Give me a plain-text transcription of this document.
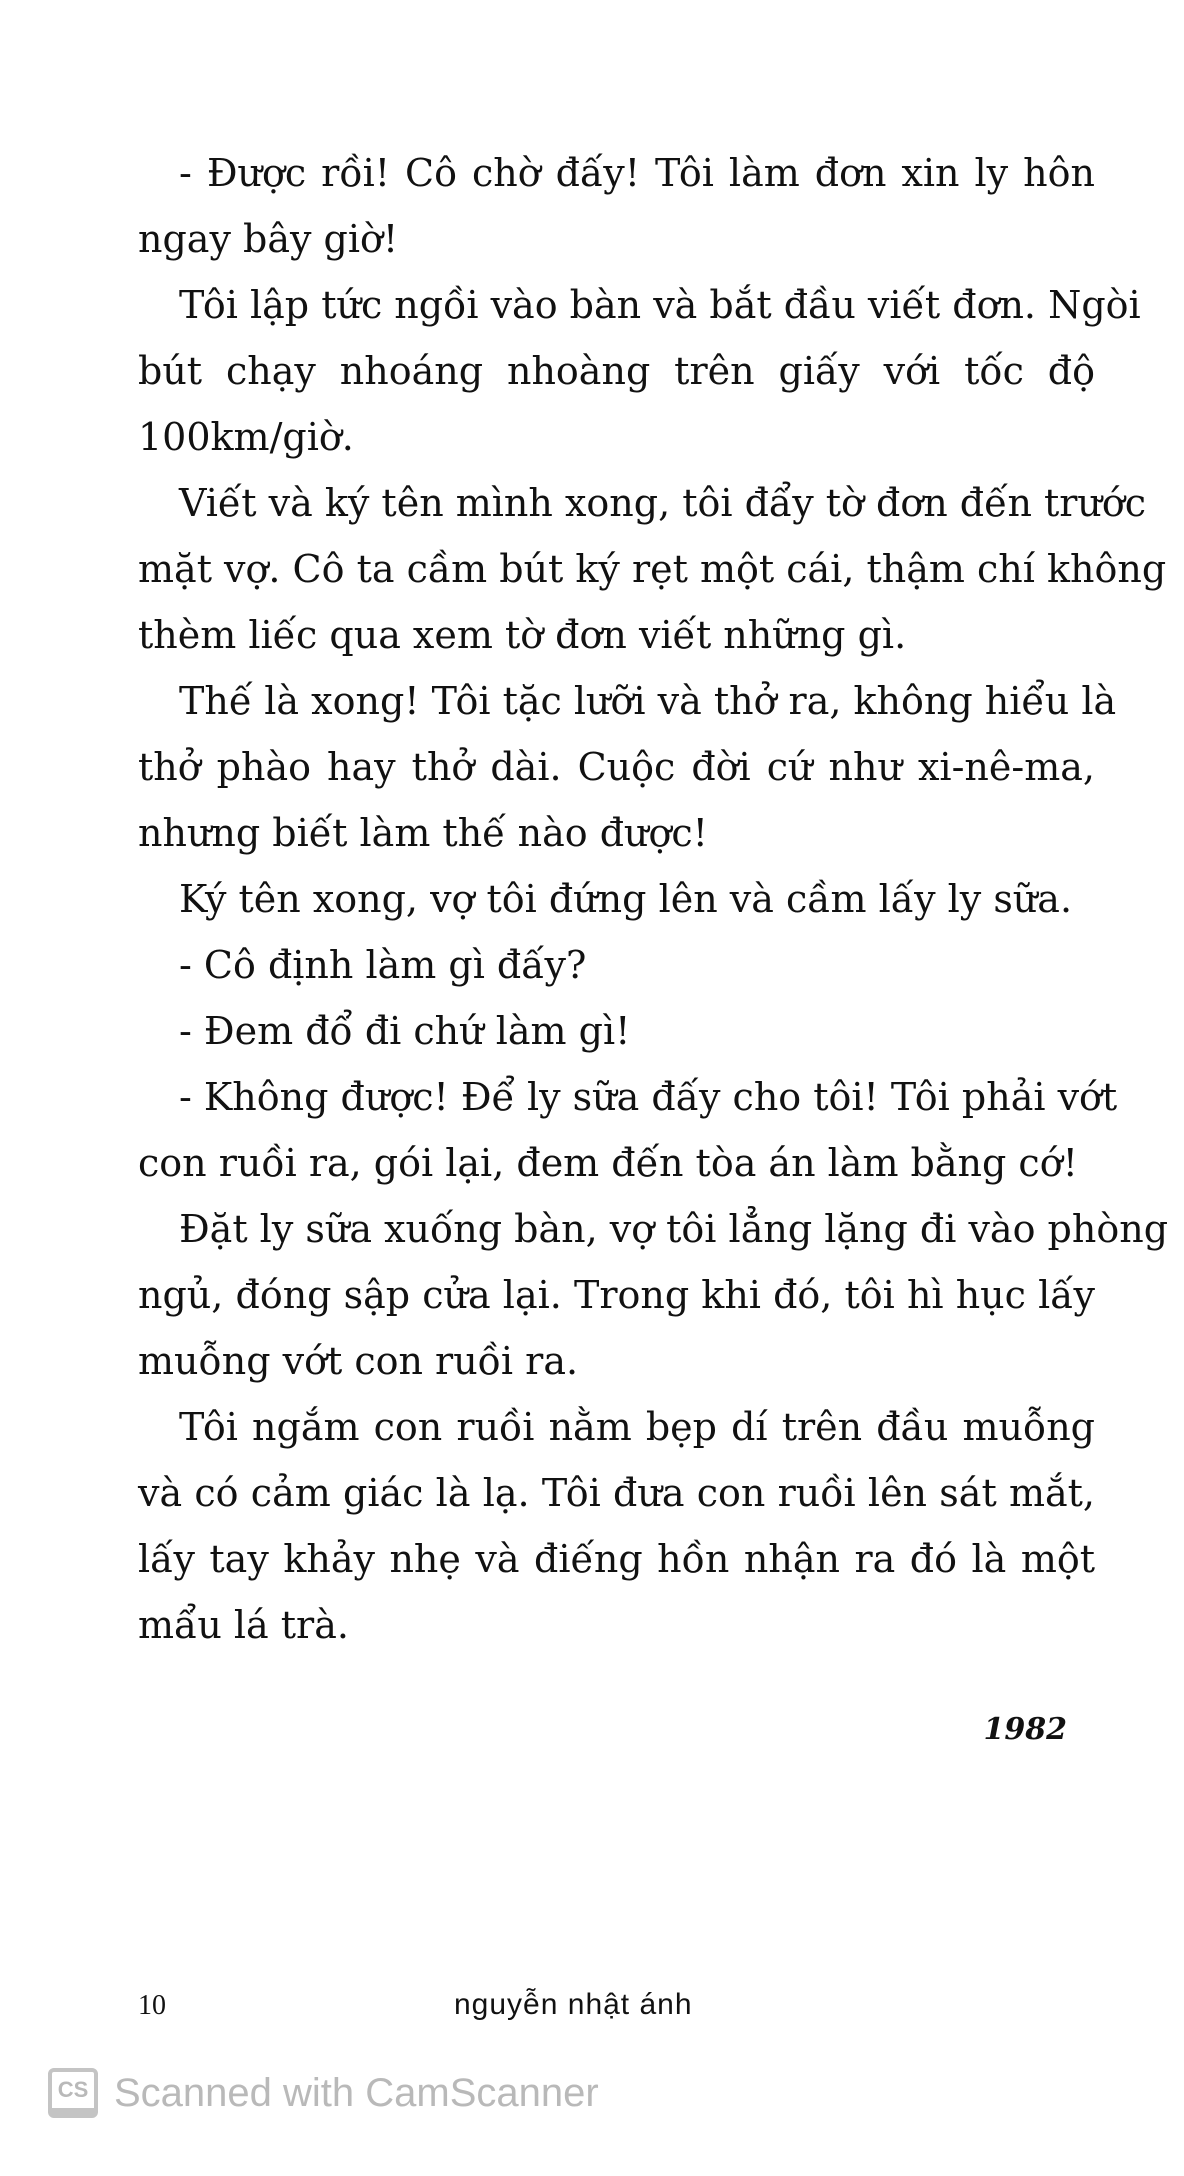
- Được rồi! Cô chờ đấy! Tôi làm đơn xin ly hôn
ngay bây giờ!
Tôi lập tức ngồi vào bàn và bắt đầu viết đơn. Ngòi
bút chạy nhoáng nhoàng trên giấy với tốc độ
100km/giờ.
Viết và ký tên mình xong, tôi đẩy tờ đơn đến trước
mặt vợ. Cô ta cầm bút ký rẹt một cái, thậm chí không
thèm liếc qua xem tờ đơn viết những gì.
Thế là xong! Tôi tặc lưỡi và thở ra, không hiểu là
thở phào hay thở dài. Cuộc đời cứ như xi-nê-ma,
nhưng biết làm thế nào được!
Ký tên xong, vợ tôi đứng lên và cầm lấy ly sữa.
- Cô định làm gì đấy?
- Đem đổ đi chứ làm gì!
- Không được! Để ly sữa đấy cho tôi! Tôi phải vớt
con ruồi ra, gói lại, đem đến tòa án làm bằng cớ!
Đặt ly sữa xuống bàn, vợ tôi lẳng lặng đi vào phòng
ngủ, đóng sập cửa lại. Trong khi đó, tôi hì hục lấy
muỗng vớt con ruồi ra.
Tôi ngắm con ruồi nằm bẹp dí trên đầu muỗng
và có cảm giác là lạ. Tôi đưa con ruồi lên sát mắt,
lấy tay khảy nhẹ và điếng hồn nhận ra đó là một
mẩu lá trà.
1982
10	nguyễn nhật ánh
CS Scanned with CamScanner
